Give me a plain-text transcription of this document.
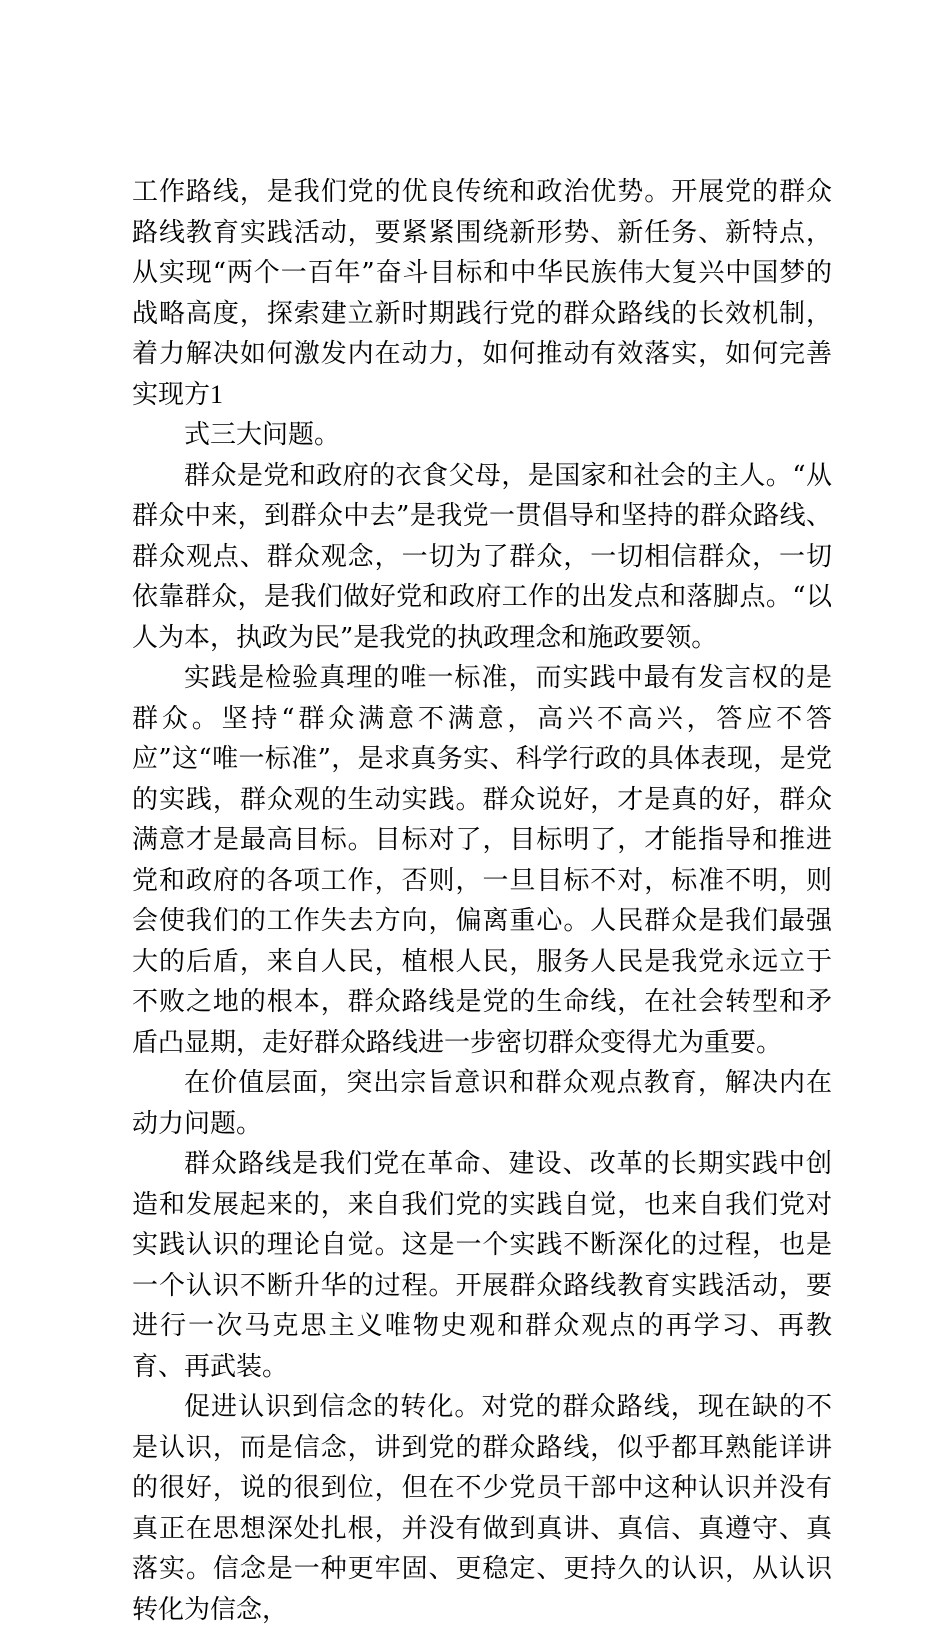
工作路线，是我们党的优良传统和政治优势。开展党的群众路线教育实践活动，要紧紧围绕新形势、新任务、新特点，从实现“两个一百年”奋斗目标和中华民族伟大复兴中国梦的战略高度，探索建立新时期践行党的群众路线的长效机制，着力解决如何激发内在动力，如何推动有效落实，如何完善实现方1

式三大问题。

群众是党和政府的衣食父母，是国家和社会的主人。“从群众中来，到群众中去”是我党一贯倡导和坚持的群众路线、群众观点、群众观念，一切为了群众，一切相信群众，一切依靠群众，是我们做好党和政府工作的出发点和落脚点。“以人为本，执政为民”是我党的执政理念和施政要领。

实践是检验真理的唯一标准，而实践中最有发言权的是群众。坚持“群众满意不满意，高兴不高兴，答应不答应”这“唯一标准”，是求真务实、科学行政的具体表现，是党的实践，群众观的生动实践。群众说好，才是真的好，群众满意才是最高目标。目标对了，目标明了，才能指导和推进党和政府的各项工作，否则，一旦目标不对，标准不明，则会使我们的工作失去方向，偏离重心。人民群众是我们最强大的后盾，来自人民，植根人民，服务人民是我党永远立于不败之地的根本，群众路线是党的生命线，在社会转型和矛盾凸显期，走好群众路线进一步密切群众变得尤为重要。

在价值层面，突出宗旨意识和群众观点教育，解决内在动力问题。

群众路线是我们党在革命、建设、改革的长期实践中创造和发展起来的，来自我们党的实践自觉，也来自我们党对实践认识的理论自觉。这是一个实践不断深化的过程，也是一个认识不断升华的过程。开展群众路线教育实践活动，要进行一次马克思主义唯物史观和群众观点的再学习、再教育、再武装。

促进认识到信念的转化。对党的群众路线，现在缺的不是认识，而是信念，讲到党的群众路线，似乎都耳熟能详讲的很好，说的很到位，但在不少党员干部中这种认识并没有真正在思想深处扎根，并没有做到真讲、真信、真遵守、真落实。信念是一种更牢固、更稳定、更持久的认识，从认识转化为信念，
